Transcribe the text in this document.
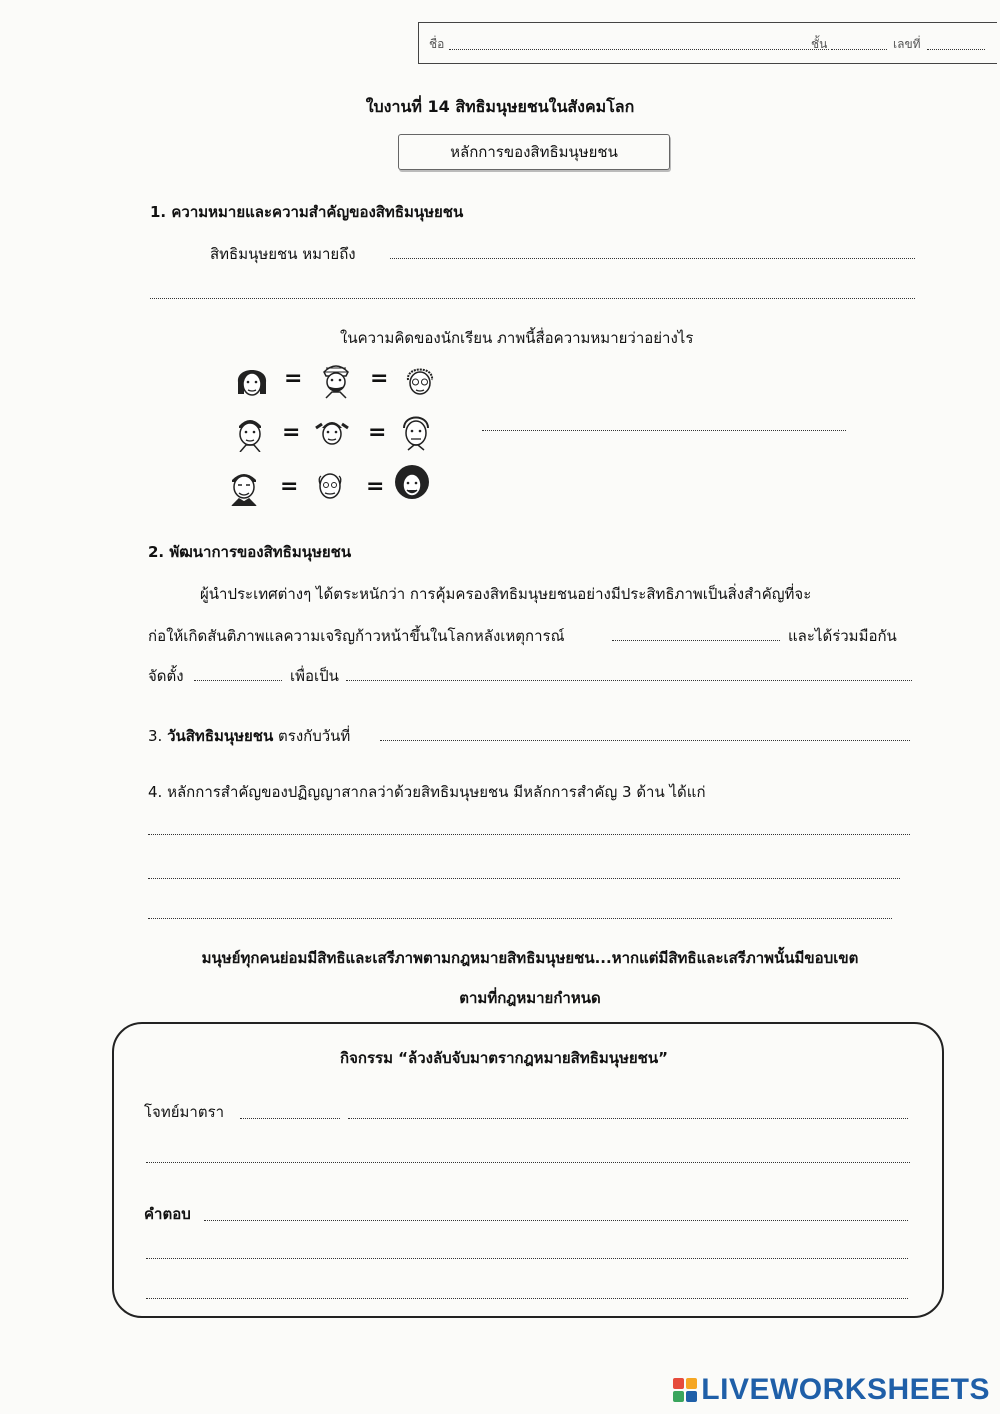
ชื่อ	ชั้น	เลขที่
ใบงานที่ 14 สิทธิมนุษยชนในสังคมโลก
หลักการของสิทธิมนุษยชน
1. ความหมายและความสำคัญของสิทธิมนุษยชน
สิทธิมนุษยชน หมายถึง
ในความคิดของนักเรียน ภาพนี้สื่อความหมายว่าอย่างไร
=	=
=	=
=	=
2. พัฒนาการของสิทธิมนุษยชน
ผู้นำประเทศต่างๆ ได้ตระหนักว่า การคุ้มครองสิทธิมนุษยชนอย่างมีประสิทธิภาพเป็นสิ่งสำคัญที่จะ
ก่อให้เกิดสันติภาพแลความเจริญก้าวหน้าขึ้นในโลกหลังเหตุการณ์	และได้ร่วมมือกัน
จัดตั้ง	เพื่อเป็น
3. วันสิทธิมนุษยชน ตรงกับวันที่
4. หลักการสำคัญของปฏิญญาสากลว่าด้วยสิทธิมนุษยชน มีหลักการสำคัญ 3 ด้าน ได้แก่
มนุษย์ทุกคนย่อมมีสิทธิและเสรีภาพตามกฎหมายสิทธิมนุษยชน...หากแต่มีสิทธิและเสรีภาพนั้นมีขอบเขต
ตามที่กฎหมายกำหนด
กิจกรรม “ล้วงลับจับมาตรากฎหมายสิทธิมนุษยชน”
โจทย์มาตรา
คำตอบ
LIVEWORKSHEETS
